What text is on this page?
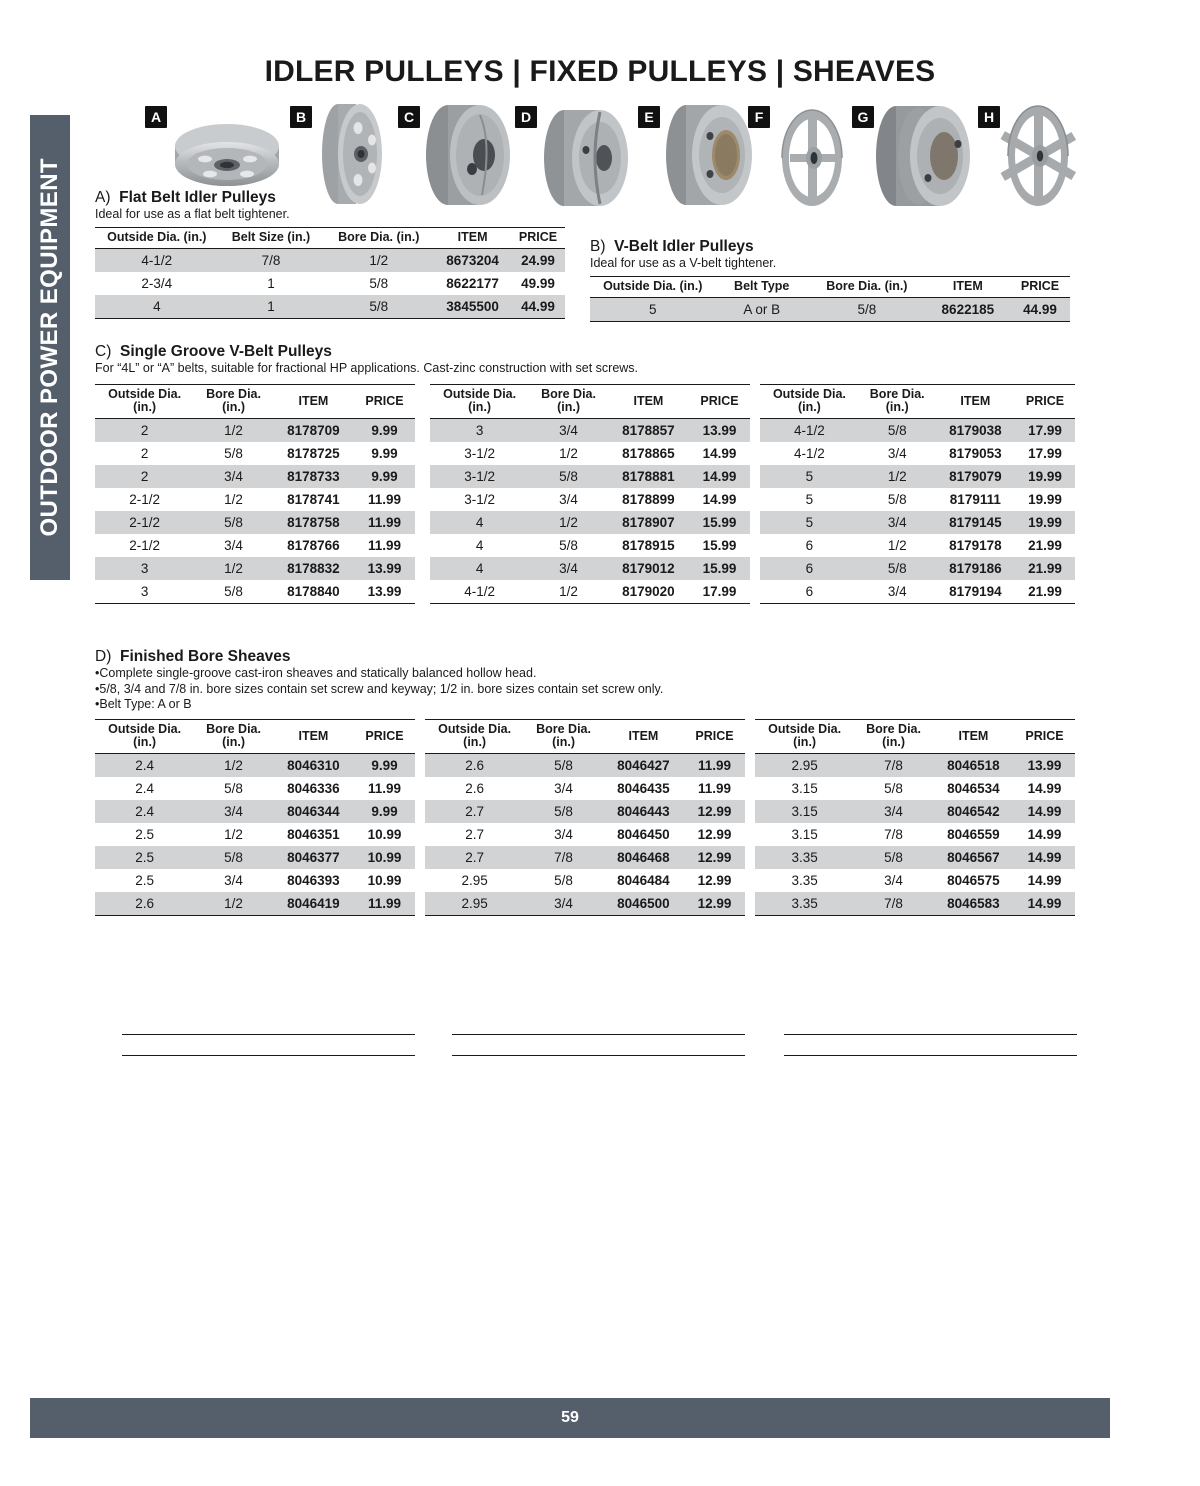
OUTDOOR POWER EQUIPMENT
IDLER PULLEYS | FIXED PULLEYS | SHEAVES
A	B	C	D	E	F	G	H
A) Flat Belt Idler Pulleys
Ideal for use as a flat belt tightener.
Outside Dia. (in.)	Belt Size (in.)	Bore Dia. (in.)	ITEM	PRICE
4-1/2	7/8	1/2	8673204	24.99
2-3/4	1	5/8	8622177	49.99
4	1	5/8	3845500	44.99
B) V-Belt Idler Pulleys
Ideal for use as a V-belt tightener.
Outside Dia. (in.)	Belt Type	Bore Dia. (in.)	ITEM	PRICE
5	A or B	5/8	8622185	44.99
C) Single Groove V-Belt Pulleys
For “4L” or “A” belts, suitable for fractional HP applications. Cast-zinc construction with set screws.
Outside Dia.
(in.)	Bore Dia.
(in.)	ITEM	PRICE
2	1/2	8178709	9.99
2	5/8	8178725	9.99
2	3/4	8178733	9.99
2-1/2	1/2	8178741	11.99
2-1/2	5/8	8178758	11.99
2-1/2	3/4	8178766	11.99
3	1/2	8178832	13.99
3	5/8	8178840	13.99
Outside Dia.
(in.)	Bore Dia.
(in.)	ITEM	PRICE
3	3/4	8178857	13.99
3-1/2	1/2	8178865	14.99
3-1/2	5/8	8178881	14.99
3-1/2	3/4	8178899	14.99
4	1/2	8178907	15.99
4	5/8	8178915	15.99
4	3/4	8179012	15.99
4-1/2	1/2	8179020	17.99
Outside Dia.
(in.)	Bore Dia.
(in.)	ITEM	PRICE
4-1/2	5/8	8179038	17.99
4-1/2	3/4	8179053	17.99
5	1/2	8179079	19.99
5	5/8	8179111	19.99
5	3/4	8179145	19.99
6	1/2	8179178	21.99
6	5/8	8179186	21.99
6	3/4	8179194	21.99
D) Finished Bore Sheaves
•Complete single-groove cast-iron sheaves and statically balanced hollow head.
•5/8, 3/4 and 7/8 in. bore sizes contain set screw and keyway; 1/2 in. bore sizes contain set screw only.
•Belt Type: A or B
Outside Dia.
(in.)	Bore Dia.
(in.)	ITEM	PRICE
2.4	1/2	8046310	9.99
2.4	5/8	8046336	11.99
2.4	3/4	8046344	9.99
2.5	1/2	8046351	10.99
2.5	5/8	8046377	10.99
2.5	3/4	8046393	10.99
2.6	1/2	8046419	11.99
Outside Dia.
(in.)	Bore Dia.
(in.)	ITEM	PRICE
2.6	5/8	8046427	11.99
2.6	3/4	8046435	11.99
2.7	5/8	8046443	12.99
2.7	3/4	8046450	12.99
2.7	7/8	8046468	12.99
2.95	5/8	8046484	12.99
2.95	3/4	8046500	12.99
Outside Dia.
(in.)	Bore Dia.
(in.)	ITEM	PRICE
2.95	7/8	8046518	13.99
3.15	5/8	8046534	14.99
3.15	3/4	8046542	14.99
3.15	7/8	8046559	14.99
3.35	5/8	8046567	14.99
3.35	3/4	8046575	14.99
3.35	7/8	8046583	14.99

59
